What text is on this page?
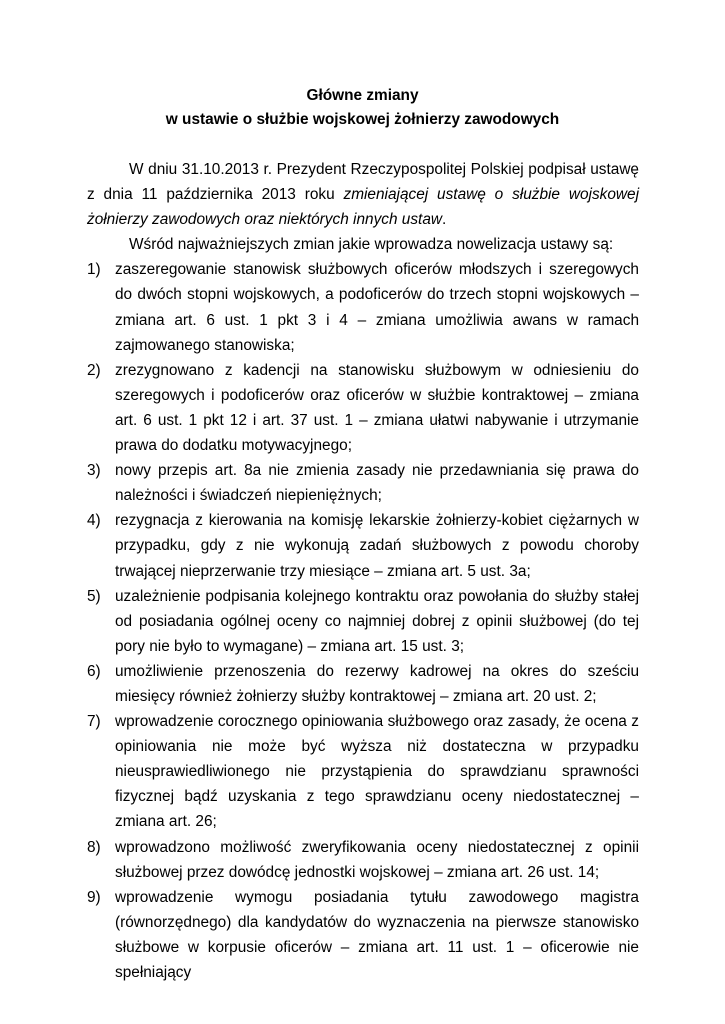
Główne zmiany
w ustawie o służbie wojskowej żołnierzy zawodowych

W dniu 31.10.2013 r. Prezydent Rzeczypospolitej Polskiej podpisał ustawę z dnia 11 października 2013 roku zmieniającej ustawę o służbie wojskowej żołnierzy zawodowych oraz niektórych innych ustaw.

Wśród najważniejszych zmian jakie wprowadza nowelizacja ustawy są:

1) zaszeregowanie stanowisk służbowych oficerów młodszych i szeregowych do dwóch stopni wojskowych, a podoficerów do trzech stopni wojskowych – zmiana art. 6 ust. 1 pkt 3 i 4 – zmiana umożliwia awans w ramach zajmowanego stanowiska;
2) zrezygnowano z kadencji na stanowisku służbowym w odniesieniu do szeregowych i podoficerów oraz oficerów w służbie kontraktowej – zmiana art. 6 ust. 1 pkt 12 i art. 37 ust. 1 – zmiana ułatwi nabywanie i utrzymanie prawa do dodatku motywacyjnego;
3) nowy przepis art. 8a nie zmienia zasady nie przedawniania się prawa do należności i świadczeń niepieniężnych;
4) rezygnacja z kierowania na komisję lekarskie żołnierzy-kobiet ciężarnych w przypadku, gdy z nie wykonują zadań służbowych z powodu choroby trwającej nieprzerwanie trzy miesiące – zmiana art. 5 ust. 3a;
5) uzależnienie podpisania kolejnego kontraktu oraz powołania do służby stałej od posiadania ogólnej oceny co najmniej dobrej z opinii służbowej (do tej pory nie było to wymagane) – zmiana art. 15 ust. 3;
6) umożliwienie przenoszenia do rezerwy kadrowej na okres do sześciu miesięcy również żołnierzy służby kontraktowej – zmiana art. 20 ust. 2;
7) wprowadzenie corocznego opiniowania służbowego oraz zasady, że ocena z opiniowania nie może być wyższa niż dostateczna w przypadku nieusprawiedliwionego nie przystąpienia do sprawdzianu sprawności fizycznej bądź uzyskania z tego sprawdzianu oceny niedostatecznej – zmiana art. 26;
8) wprowadzono możliwość zweryfikowania oceny niedostatecznej z opinii służbowej przez dowódcę jednostki wojskowej – zmiana art. 26 ust. 14;
9) wprowadzenie wymogu posiadania tytułu zawodowego magistra (równorzędnego) dla kandydatów do wyznaczenia na pierwsze stanowisko służbowe w korpusie oficerów – zmiana art. 11 ust. 1 – oficerowie nie spełniający
